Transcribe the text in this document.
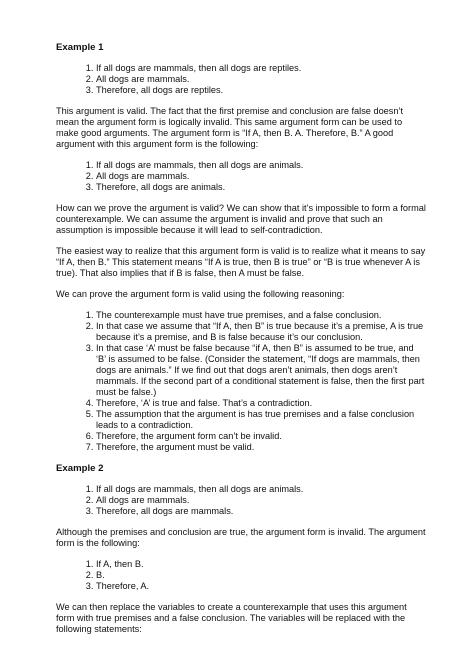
Example 1
1. If all dogs are mammals, then all dogs are reptiles.
2. All dogs are mammals.
3. Therefore, all dogs are reptiles.

This argument is valid. The fact that the first premise and conclusion are false doesn’t mean the argument form is logically invalid. This same argument form can be used to make good arguments. The argument form is “If A, then B. A. Therefore, B.” A good argument with this argument form is the following:

1. If all dogs are mammals, then all dogs are animals.
2. All dogs are mammals.
3. Therefore, all dogs are animals.

How can we prove the argument is valid? We can show that it’s impossible to form a formal counterexample. We can assume the argument is invalid and prove that such an assumption is impossible because it will lead to self-contradiction.

The easiest way to realize that this argument form is valid is to realize what it means to say “If A, then B.” This statement means “If A is true, then B is true” or “B is true whenever A is true). That also implies that if B is false, then A must be false.

We can prove the argument form is valid using the following reasoning:

1. The counterexample must have true premises, and a false conclusion.
2. In that case we assume that “If A, then B” is true because it’s a premise, A is true because it’s a premise, and B is false because it’s our conclusion.
3. In that case ‘A’ must be false because “if A, then B” is assumed to be true, and ‘B’ is assumed to be false. (Consider the statement, “If dogs are mammals, then dogs are animals.” If we find out that dogs aren’t animals, then dogs aren’t mammals. If the second part of a conditional statement is false, then the first part must be false.)
4. Therefore, ‘A’ is true and false. That’s a contradiction.
5. The assumption that the argument is has true premises and a false conclusion leads to a contradiction.
6. Therefore, the argument form can’t be invalid.
7. Therefore, the argument must be valid.
Example 2
1. If all dogs are mammals, then all dogs are animals.
2. All dogs are mammals.
3. Therefore, all dogs are mammals.

Although the premises and conclusion are true, the argument form is invalid. The argument form is the following:

1. If A, then B.
2. B.
3. Therefore, A.

We can then replace the variables to create a counterexample that uses this argument form with true premises and a false conclusion. The variables will be replaced with the following statements:
